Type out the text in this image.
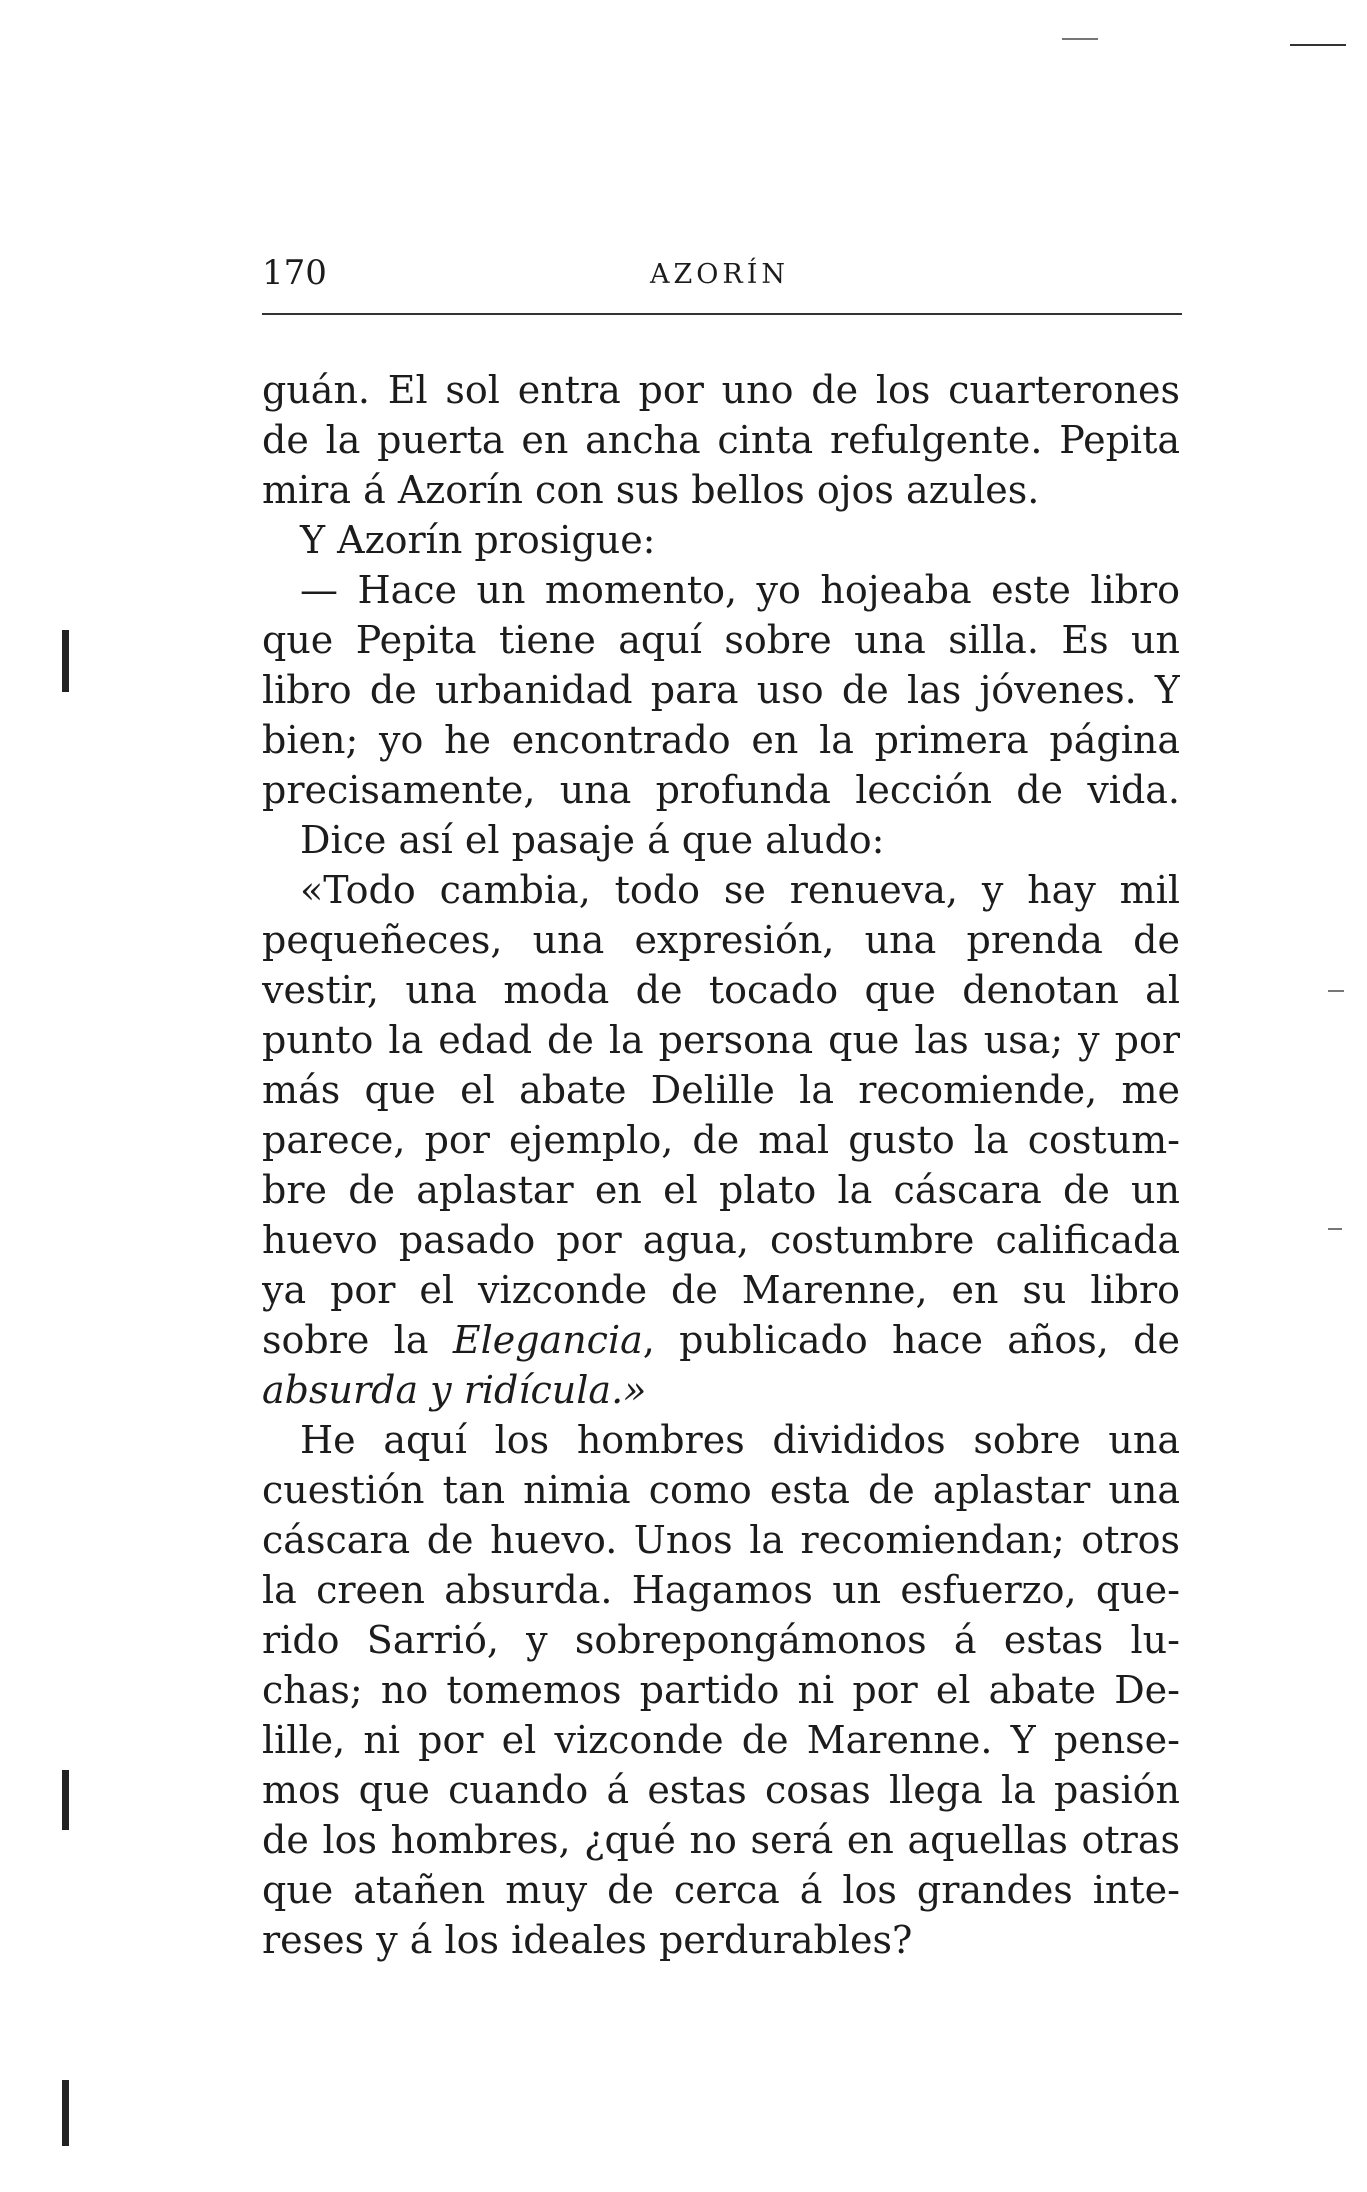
170	AZORÍN
guán. El sol entra por uno de los cuarterones
de la puerta en ancha cinta refulgente. Pepita
mira á Azorín con sus bellos ojos azules.
Y Azorín prosigue:
— Hace un momento, yo hojeaba este libro
que Pepita tiene aquí sobre una silla. Es un
libro de urbanidad para uso de las jóvenes. Y
bien; yo he encontrado en la primera página
precisamente, una profunda lección de vida.
Dice así el pasaje á que aludo:
«Todo cambia, todo se renueva, y hay mil
pequeñeces, una expresión, una prenda de
vestir, una moda de tocado que denotan al
punto la edad de la persona que las usa; y por
más que el abate Delille la recomiende, me
parece, por ejemplo, de mal gusto la costum-
bre de aplastar en el plato la cáscara de un
huevo pasado por agua, costumbre calificada
ya por el vizconde de Marenne, en su libro
sobre la Elegancia, publicado hace años, de
absurda y ridícula.»
He aquí los hombres divididos sobre una
cuestión tan nimia como esta de aplastar una
cáscara de huevo. Unos la recomiendan; otros
la creen absurda. Hagamos un esfuerzo, que-
rido Sarrió, y sobrepongámonos á estas lu-
chas; no tomemos partido ni por el abate De-
lille, ni por el vizconde de Marenne. Y pense-
mos que cuando á estas cosas llega la pasión
de los hombres, ¿qué no será en aquellas otras
que atañen muy de cerca á los grandes inte-
reses y á los ideales perdurables?
